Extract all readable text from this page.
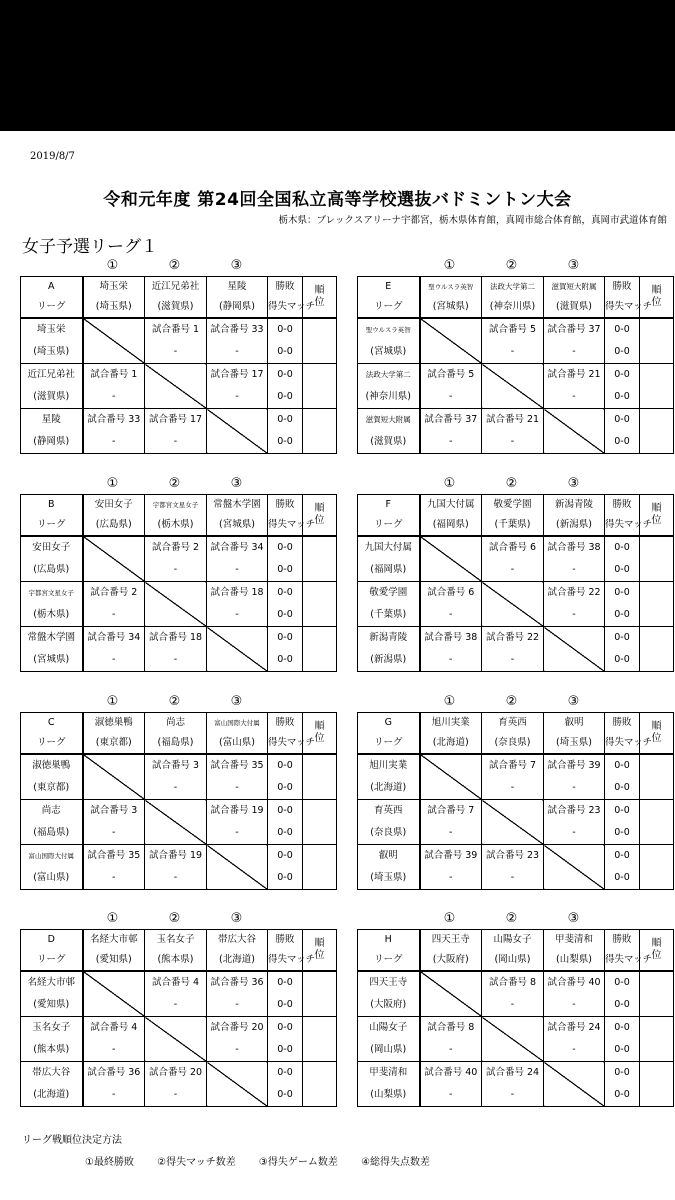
2019/8/7
令和元年度 第24回全国私立高等学校選抜バドミントン大会
栃木県：ブレックスアリーナ宇都宮，栃木県体育館，真岡市総合体育館，真岡市武道体育館
女子予選リーグ１
①	②	③
A	埼玉栄	近江兄弟社	星陵	勝敗	順位
リーグ	(埼玉県)	(滋賀県)	(静岡県)	得失マッチ	
埼玉栄		試合番号 1	試合番号 33	0-0	
(埼玉県)		-	-	0-0	
近江兄弟社	試合番号 1		試合番号 17	0-0	
(滋賀県)	-		-	0-0	
星陵	試合番号 33	試合番号 17		0-0	
(静岡県)	-	-		0-0	
①	②	③
E	聖ウルスラ英智	法政大学第二	滋賀短大附属	勝敗	順位
リーグ	(宮城県)	(神奈川県)	(滋賀県)	得失マッチ	
聖ウルスラ英智		試合番号 5	試合番号 37	0-0	
(宮城県)		-	-	0-0	
法政大学第二	試合番号 5		試合番号 21	0-0	
(神奈川県)	-		-	0-0	
滋賀短大附属	試合番号 37	試合番号 21		0-0	
(滋賀県)	-	-		0-0	
①	②	③
B	安田女子	宇都宮文星女子	常盤木学園	勝敗	順位
リーグ	(広島県)	(栃木県)	(宮城県)	得失マッチ	
安田女子		試合番号 2	試合番号 34	0-0	
(広島県)		-	-	0-0	
宇都宮文星女子	試合番号 2		試合番号 18	0-0	
(栃木県)	-		-	0-0	
常盤木学園	試合番号 34	試合番号 18		0-0	
(宮城県)	-	-		0-0	
①	②	③
F	九国大付属	敬愛学園	新潟青陵	勝敗	順位
リーグ	(福岡県)	(千葉県)	(新潟県)	得失マッチ	
九国大付属		試合番号 6	試合番号 38	0-0	
(福岡県)		-	-	0-0	
敬愛学園	試合番号 6		試合番号 22	0-0	
(千葉県)	-		-	0-0	
新潟青陵	試合番号 38	試合番号 22		0-0	
(新潟県)	-	-		0-0	
①	②	③
C	淑徳巣鴨	尚志	富山国際大付属	勝敗	順位
リーグ	(東京都)	(福島県)	(富山県)	得失マッチ	
淑徳巣鴨		試合番号 3	試合番号 35	0-0	
(東京都)		-	-	0-0	
尚志	試合番号 3		試合番号 19	0-0	
(福島県)	-		-	0-0	
富山国際大付属	試合番号 35	試合番号 19		0-0	
(富山県)	-	-		0-0	
①	②	③
G	旭川実業	育英西	叡明	勝敗	順位
リーグ	(北海道)	(奈良県)	(埼玉県)	得失マッチ	
旭川実業		試合番号 7	試合番号 39	0-0	
(北海道)		-	-	0-0	
育英西	試合番号 7		試合番号 23	0-0	
(奈良県)	-		-	0-0	
叡明	試合番号 39	試合番号 23		0-0	
(埼玉県)	-	-		0-0	
①	②	③
D	名経大市邨	玉名女子	帯広大谷	勝敗	順位
リーグ	(愛知県)	(熊本県)	(北海道)	得失マッチ	
名経大市邨		試合番号 4	試合番号 36	0-0	
(愛知県)		-	-	0-0	
玉名女子	試合番号 4		試合番号 20	0-0	
(熊本県)	-		-	0-0	
帯広大谷	試合番号 36	試合番号 20		0-0	
(北海道)	-	-		0-0	
①	②	③
H	四天王寺	山陽女子	甲斐清和	勝敗	順位
リーグ	(大阪府)	(岡山県)	(山梨県)	得失マッチ	
四天王寺		試合番号 8	試合番号 40	0-0	
(大阪府)		-	-	0-0	
山陽女子	試合番号 8		試合番号 24	0-0	
(岡山県)	-		-	0-0	
甲斐清和	試合番号 40	試合番号 24		0-0	
(山梨県)	-	-		0-0	
リーグ戦順位決定方法
①最終勝敗 ②得失マッチ数差 ③得失ゲーム数差 ④総得失点数差
